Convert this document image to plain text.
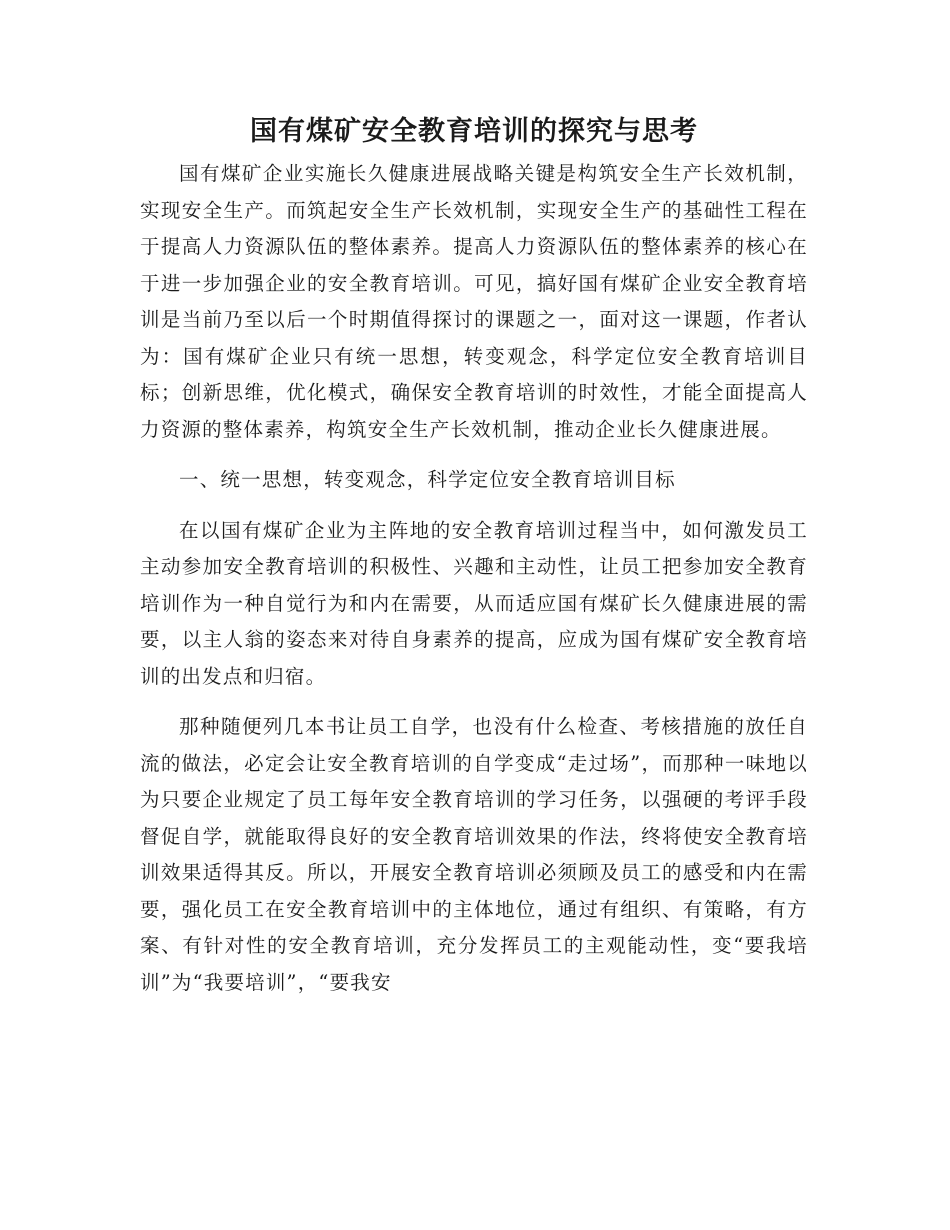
国有煤矿安全教育培训的探究与思考

国有煤矿企业实施长久健康进展战略关键是构筑安全生产长效机制，实现安全生产。而筑起安全生产长效机制，实现安全生产的基础性工程在于提高人力资源队伍的整体素养。提高人力资源队伍的整体素养的核心在于进一步加强企业的安全教育培训。可见，搞好国有煤矿企业安全教育培训是当前乃至以后一个时期值得探讨的课题之一，面对这一课题，作者认为：国有煤矿企业只有统一思想，转变观念，科学定位安全教育培训目标；创新思维，优化模式，确保安全教育培训的时效性，才能全面提高人力资源的整体素养，构筑安全生产长效机制，推动企业长久健康进展。

一、统一思想，转变观念，科学定位安全教育培训目标

在以国有煤矿企业为主阵地的安全教育培训过程当中，如何激发员工主动参加安全教育培训的积极性、兴趣和主动性，让员工把参加安全教育培训作为一种自觉行为和内在需要，从而适应国有煤矿长久健康进展的需要，以主人翁的姿态来对待自身素养的提高，应成为国有煤矿安全教育培训的出发点和归宿。

那种随便列几本书让员工自学，也没有什么检查、考核措施的放任自流的做法，必定会让安全教育培训的自学变成“走过场”，而那种一味地以为只要企业规定了员工每年安全教育培训的学习任务，以强硬的考评手段督促自学，就能取得良好的安全教育培训效果的作法，终将使安全教育培训效果适得其反。所以，开展安全教育培训必须顾及员工的感受和内在需要，强化员工在安全教育培训中的主体地位，通过有组织、有策略，有方案、有针对性的安全教育培训，充分发挥员工的主观能动性，变“要我培训”为“我要培训”，“要我安
